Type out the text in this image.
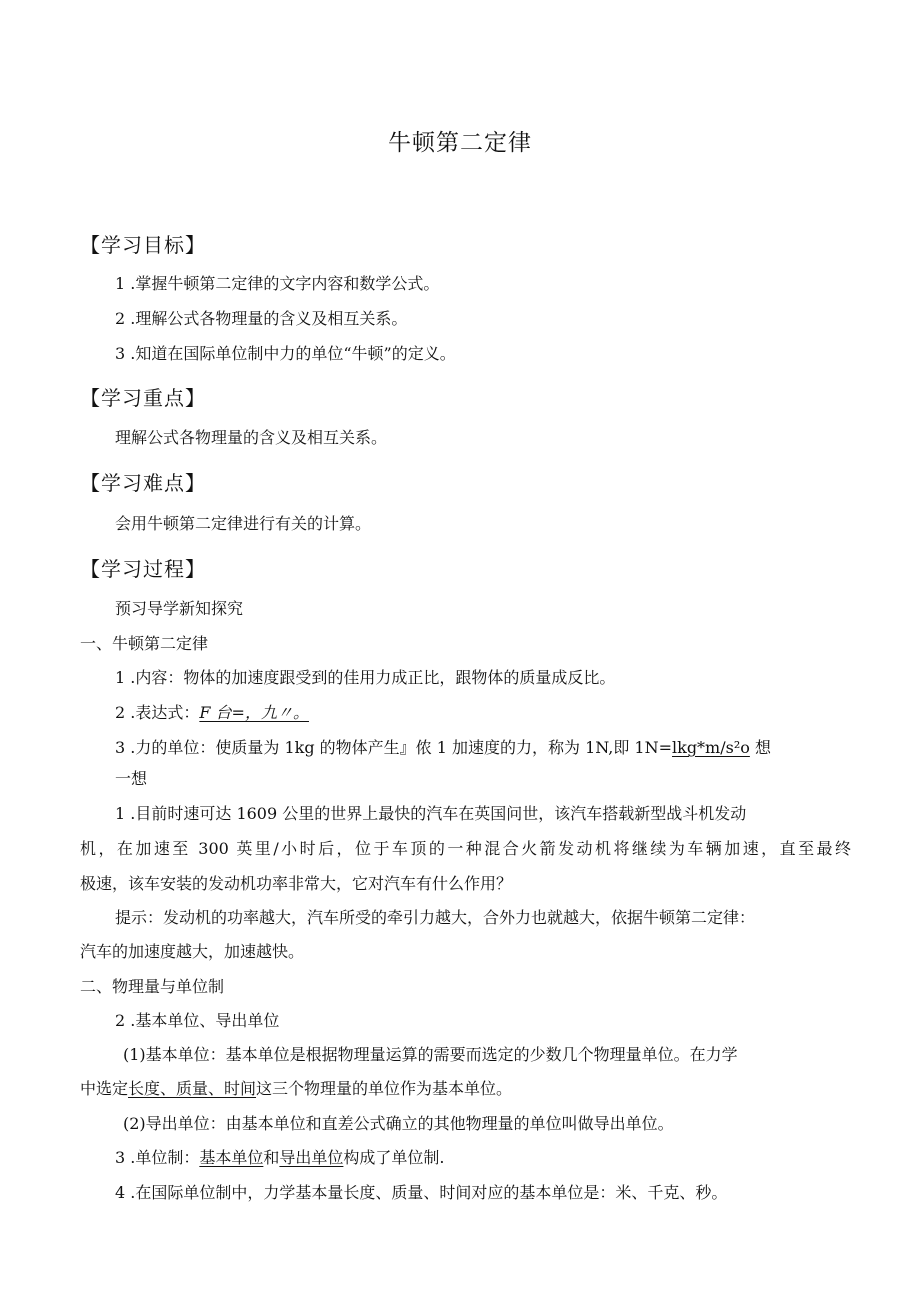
牛顿第二定律
【学习目标】
1 .掌握牛顿第二定律的文字内容和数学公式。
2 .理解公式各物理量的含义及相互关系。
3 .知道在国际单位制中力的单位“牛顿”的定义。
【学习重点】
理解公式各物理量的含义及相互关系。
【学习难点】
会用牛顿第二定律进行有关的计算。
【学习过程】
预习导学新知探究
一、牛顿第二定律
1 .内容：物体的加速度跟受到的佳用力成正比，跟物体的质量成反比。
2 .表达式：F 台=，九〃。
3 .力的单位：使质量为 1kg 的物体产生』侬 1 加速度的力，称为 1N,即 1N=lkg*m∕s²o 想
一想
1 .目前时速可达 1609 公里的世界上最快的汽车在英国问世，该汽车搭载新型战斗机发动
机，在加速至 300 英里/小时后，位于车顶的一种混合火箭发动机将继续为车辆加速，直至最终
极速，该车安装的发动机功率非常大，它对汽车有什么作用？
提示：发动机的功率越大，汽车所受的牵引力越大，合外力也就越大，依据牛顿第二定律：
汽车的加速度越大，加速越快。
二、物理量与单位制
2 .基本单位、导出单位
(1)基本单位：基本单位是根据物理量运算的需要而选定的少数几个物理量单位。在力学
中选定长度、质量、时间这三个物理量的单位作为基本单位。
(2)导出单位：由基本单位和直差公式确立的其他物理量的单位叫做导出单位。
3 .单位制：基本单位和导出单位构成了单位制.
4 .在国际单位制中，力学基本量长度、质量、时间对应的基本单位是：米、千克、秒。
